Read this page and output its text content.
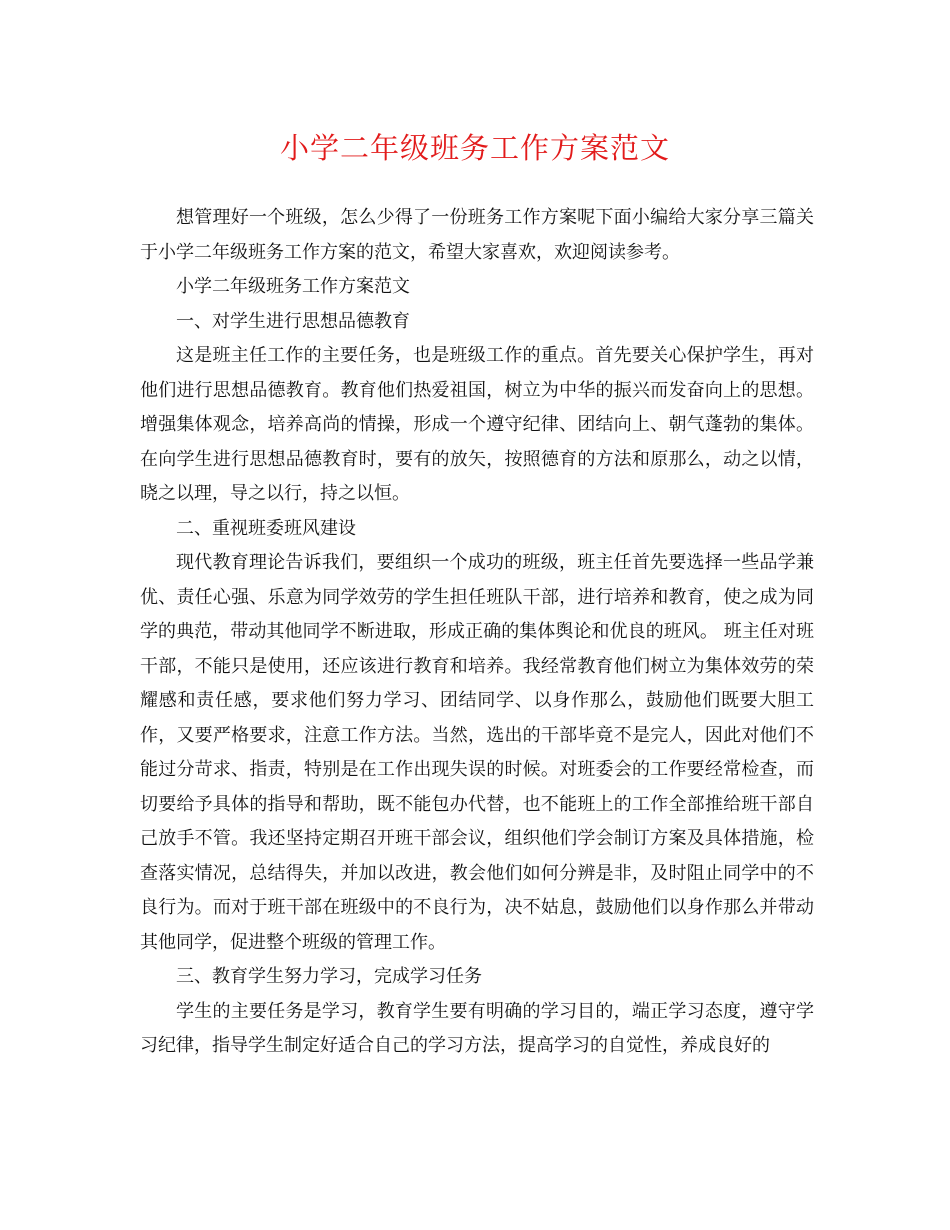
小学二年级班务工作方案范文

想管理好一个班级，怎么少得了一份班务工作方案呢下面小编给大家分享三篇关于小学二年级班务工作方案的范文，希望大家喜欢，欢迎阅读参考。

小学二年级班务工作方案范文

一、对学生进行思想品德教育

这是班主任工作的主要任务，也是班级工作的重点。首先要关心保护学生，再对他们进行思想品德教育。教育他们热爱祖国，树立为中华的振兴而发奋向上的思想。增强集体观念，培养高尚的情操，形成一个遵守纪律、团结向上、朝气蓬勃的集体。在向学生进行思想品德教育时，要有的放矢，按照德育的方法和原那么，动之以情，晓之以理，导之以行，持之以恒。

二、重视班委班风建设

现代教育理论告诉我们，要组织一个成功的班级，班主任首先要选择一些品学兼优、责任心强、乐意为同学效劳的学生担任班队干部，进行培养和教育，使之成为同学的典范，带动其他同学不断进取，形成正确的集体舆论和优良的班风。 班主任对班干部，不能只是使用，还应该进行教育和培养。我经常教育他们树立为集体效劳的荣耀感和责任感，要求他们努力学习、团结同学、以身作那么，鼓励他们既要大胆工作，又要严格要求，注意工作方法。当然，选出的干部毕竟不是完人，因此对他们不能过分苛求、指责，特别是在工作出现失误的时候。对班委会的工作要经常检查，而切要给予具体的指导和帮助，既不能包办代替，也不能班上的工作全部推给班干部自己放手不管。我还坚持定期召开班干部会议，组织他们学会制订方案及具体措施，检查落实情况，总结得失，并加以改进，教会他们如何分辨是非，及时阻止同学中的不良行为。而对于班干部在班级中的不良行为，决不姑息，鼓励他们以身作那么并带动其他同学，促进整个班级的管理工作。

三、教育学生努力学习，完成学习任务

学生的主要任务是学习，教育学生要有明确的学习目的，端正学习态度，遵守学习纪律，指导学生制定好适合自己的学习方法，提高学习的自觉性，养成良好的
